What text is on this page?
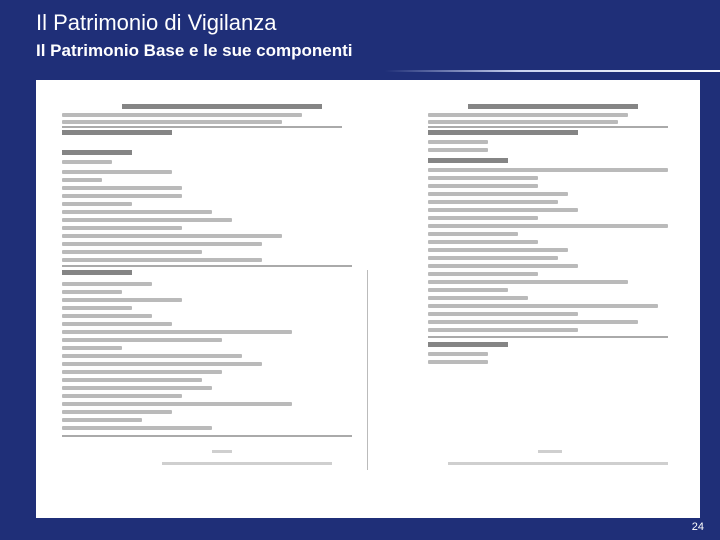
Il Patrimonio di Vigilanza
Il Patrimonio Base e le sue componenti
24
